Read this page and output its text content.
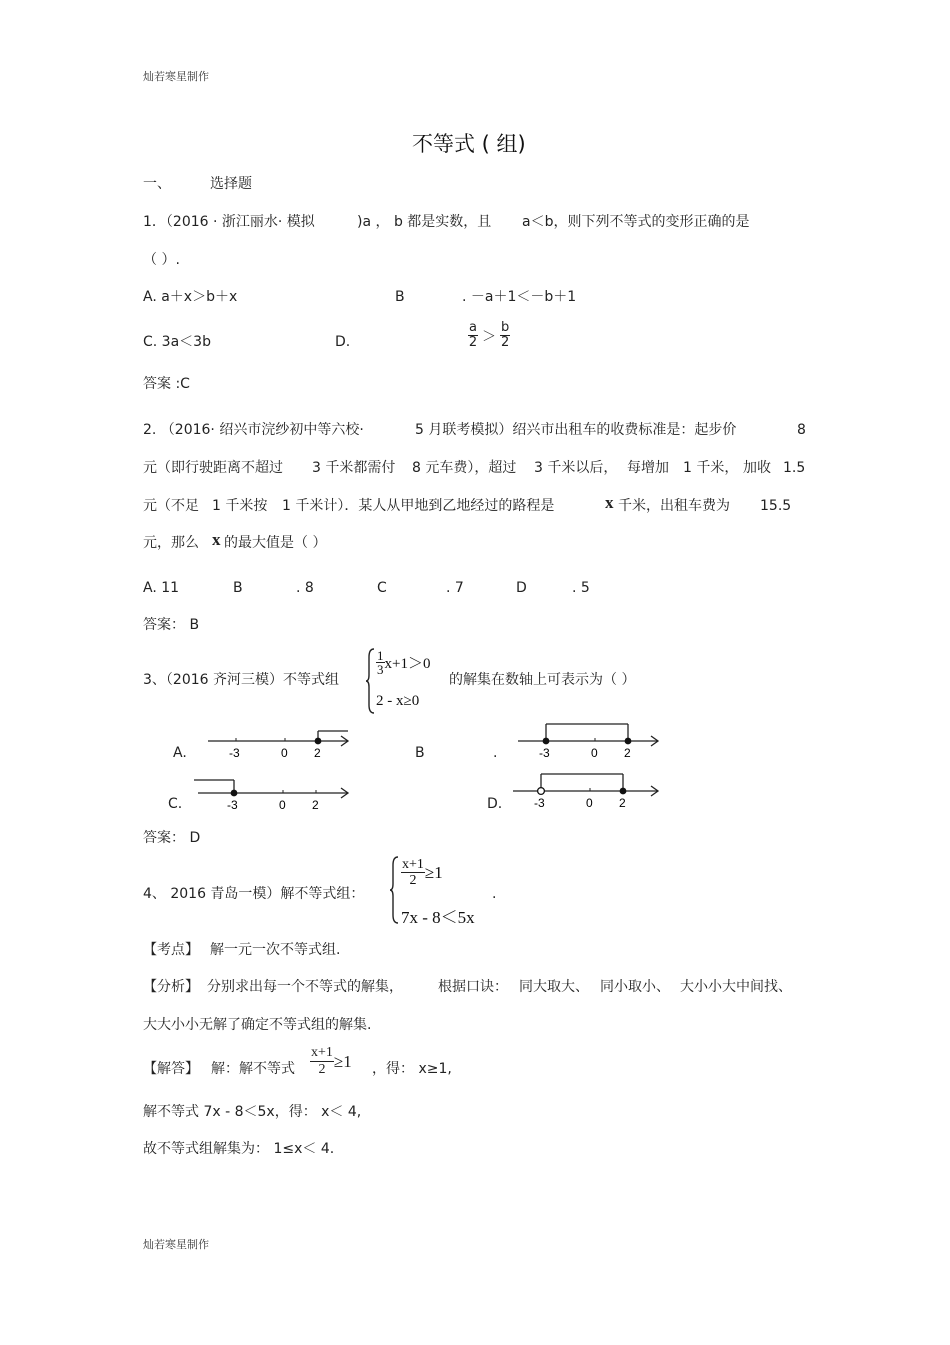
灿若寒星制作
灿若寒星制作
不等式 ( 组)
一、	选择题
1．（2016 · 浙江丽水· 模拟	)a ， b 都是实数，且 a＜b，则下列不等式的变形正确的是
（ ）.
A. a＋x＞b＋x	B	. －a＋1＜－b＋1
C. 3a＜3b	D.	$\frac{a}{2} > \frac{b}{2}$
答案 :C
2. （2016· 绍兴市浣纱初中等六校·	5 月联考模拟）绍兴市出租车的收费标准是：起步价	8
元（即行驶距离不超过 3 千米都需付 8 元车费），超过 3 千米以后， 每增加 1 千米， 加收 1.5
元（不足 1 千米按 1 千米计）．某人从甲地到乙地经过的路程是	x 千米，出租车费为 15.5
元，那么 x 的最大值是（ ）
A. 11	B	. 8	C	. 7	D	. 5
答案： B
3、（2016 齐河三模）不等式组
$\frac{1}{3} x+1>0$
2 - x≥0
的解集在数轴上可表示为（ ）
A.	-3	0 2	B	.	-3	0 2
C.	-3	0 2	D.	-3	0 2
答案： D
4、 2016 青岛一模）解不等式组：
$\frac{x+1}{2} \ge 1$
7x - 8＜5x
.
【考点】 解一元一次不等式组.
【分析】 分别求出每一个不等式的解集，	根据口诀： 同大取大、 同小取小、 大小小大中间找、
大大小小无解了确定不等式组的解集.
【解答】 解：解不等式 $\frac{x+1}{2} \ge 1$ ，得： x≥1,
解不等式 7x - 8＜5x，得： x＜ 4,
故不等式组解集为： 1≤x＜ 4.
